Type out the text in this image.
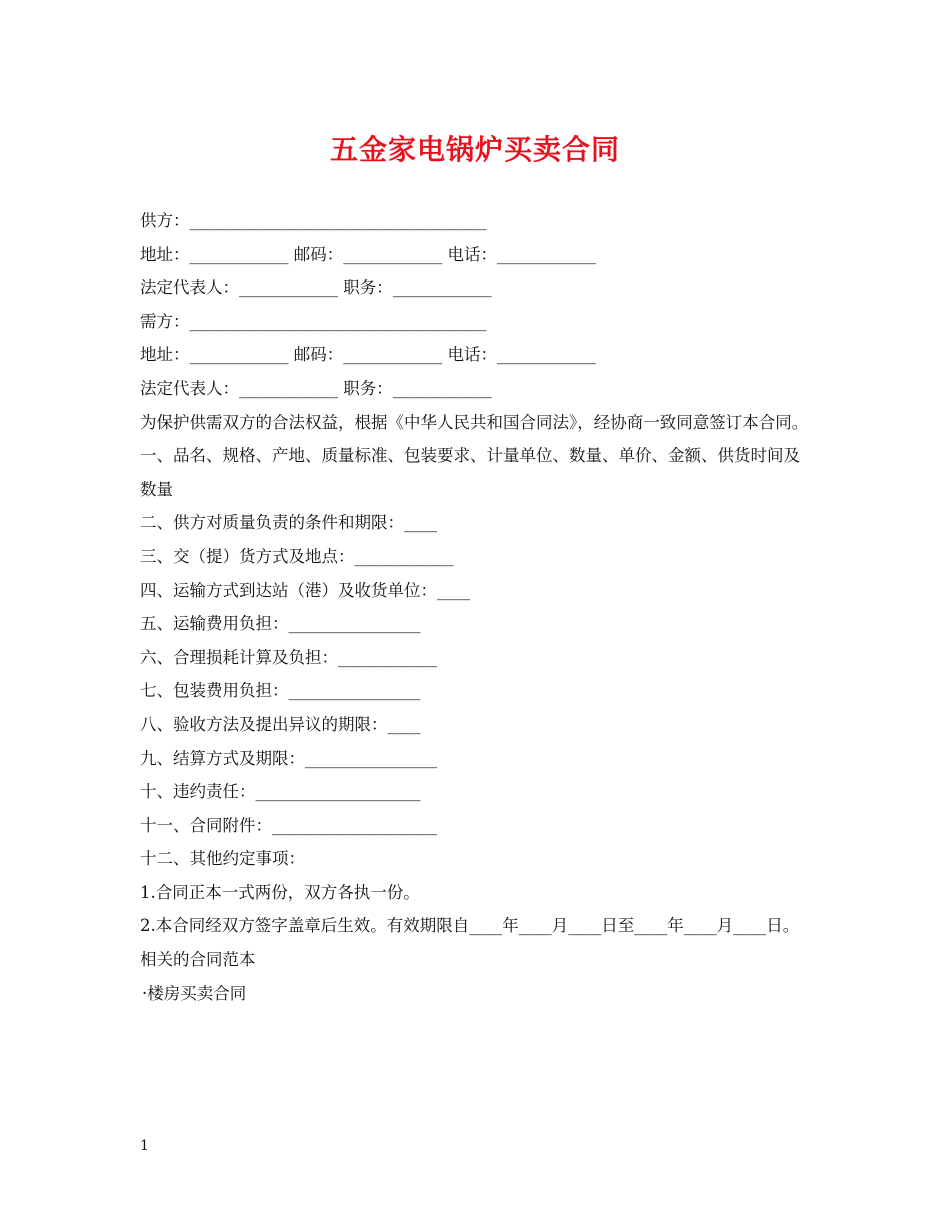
五金家电锅炉买卖合同
供方：____________________________________
地址：____________ 邮码：____________ 电话：____________
法定代表人：____________ 职务：____________
需方：____________________________________
地址：____________ 邮码：____________ 电话：____________
法定代表人：____________ 职务：____________
为保护供需双方的合法权益，根据《中华人民共和国合同法》，经协商一致同意签订本合同。
一、品名、规格、产地、质量标准、包装要求、计量单位、数量、单价、金额、供货时间及数量
二、供方对质量负责的条件和期限：____
三、交（提）货方式及地点：____________
四、运输方式到达站（港）及收货单位：____
五、运输费用负担：________________
六、合理损耗计算及负担：____________
七、包装费用负担：________________
八、验收方法及提出异议的期限：____
九、结算方式及期限：________________
十、违约责任：____________________
十一、合同附件：____________________
十二、其他约定事项：
1.合同正本一式两份，双方各执一份。
2.本合同经双方签字盖章后生效。有效期限自____年____月____日至____年____月____日。
相关的合同范本
·楼房买卖合同
1
